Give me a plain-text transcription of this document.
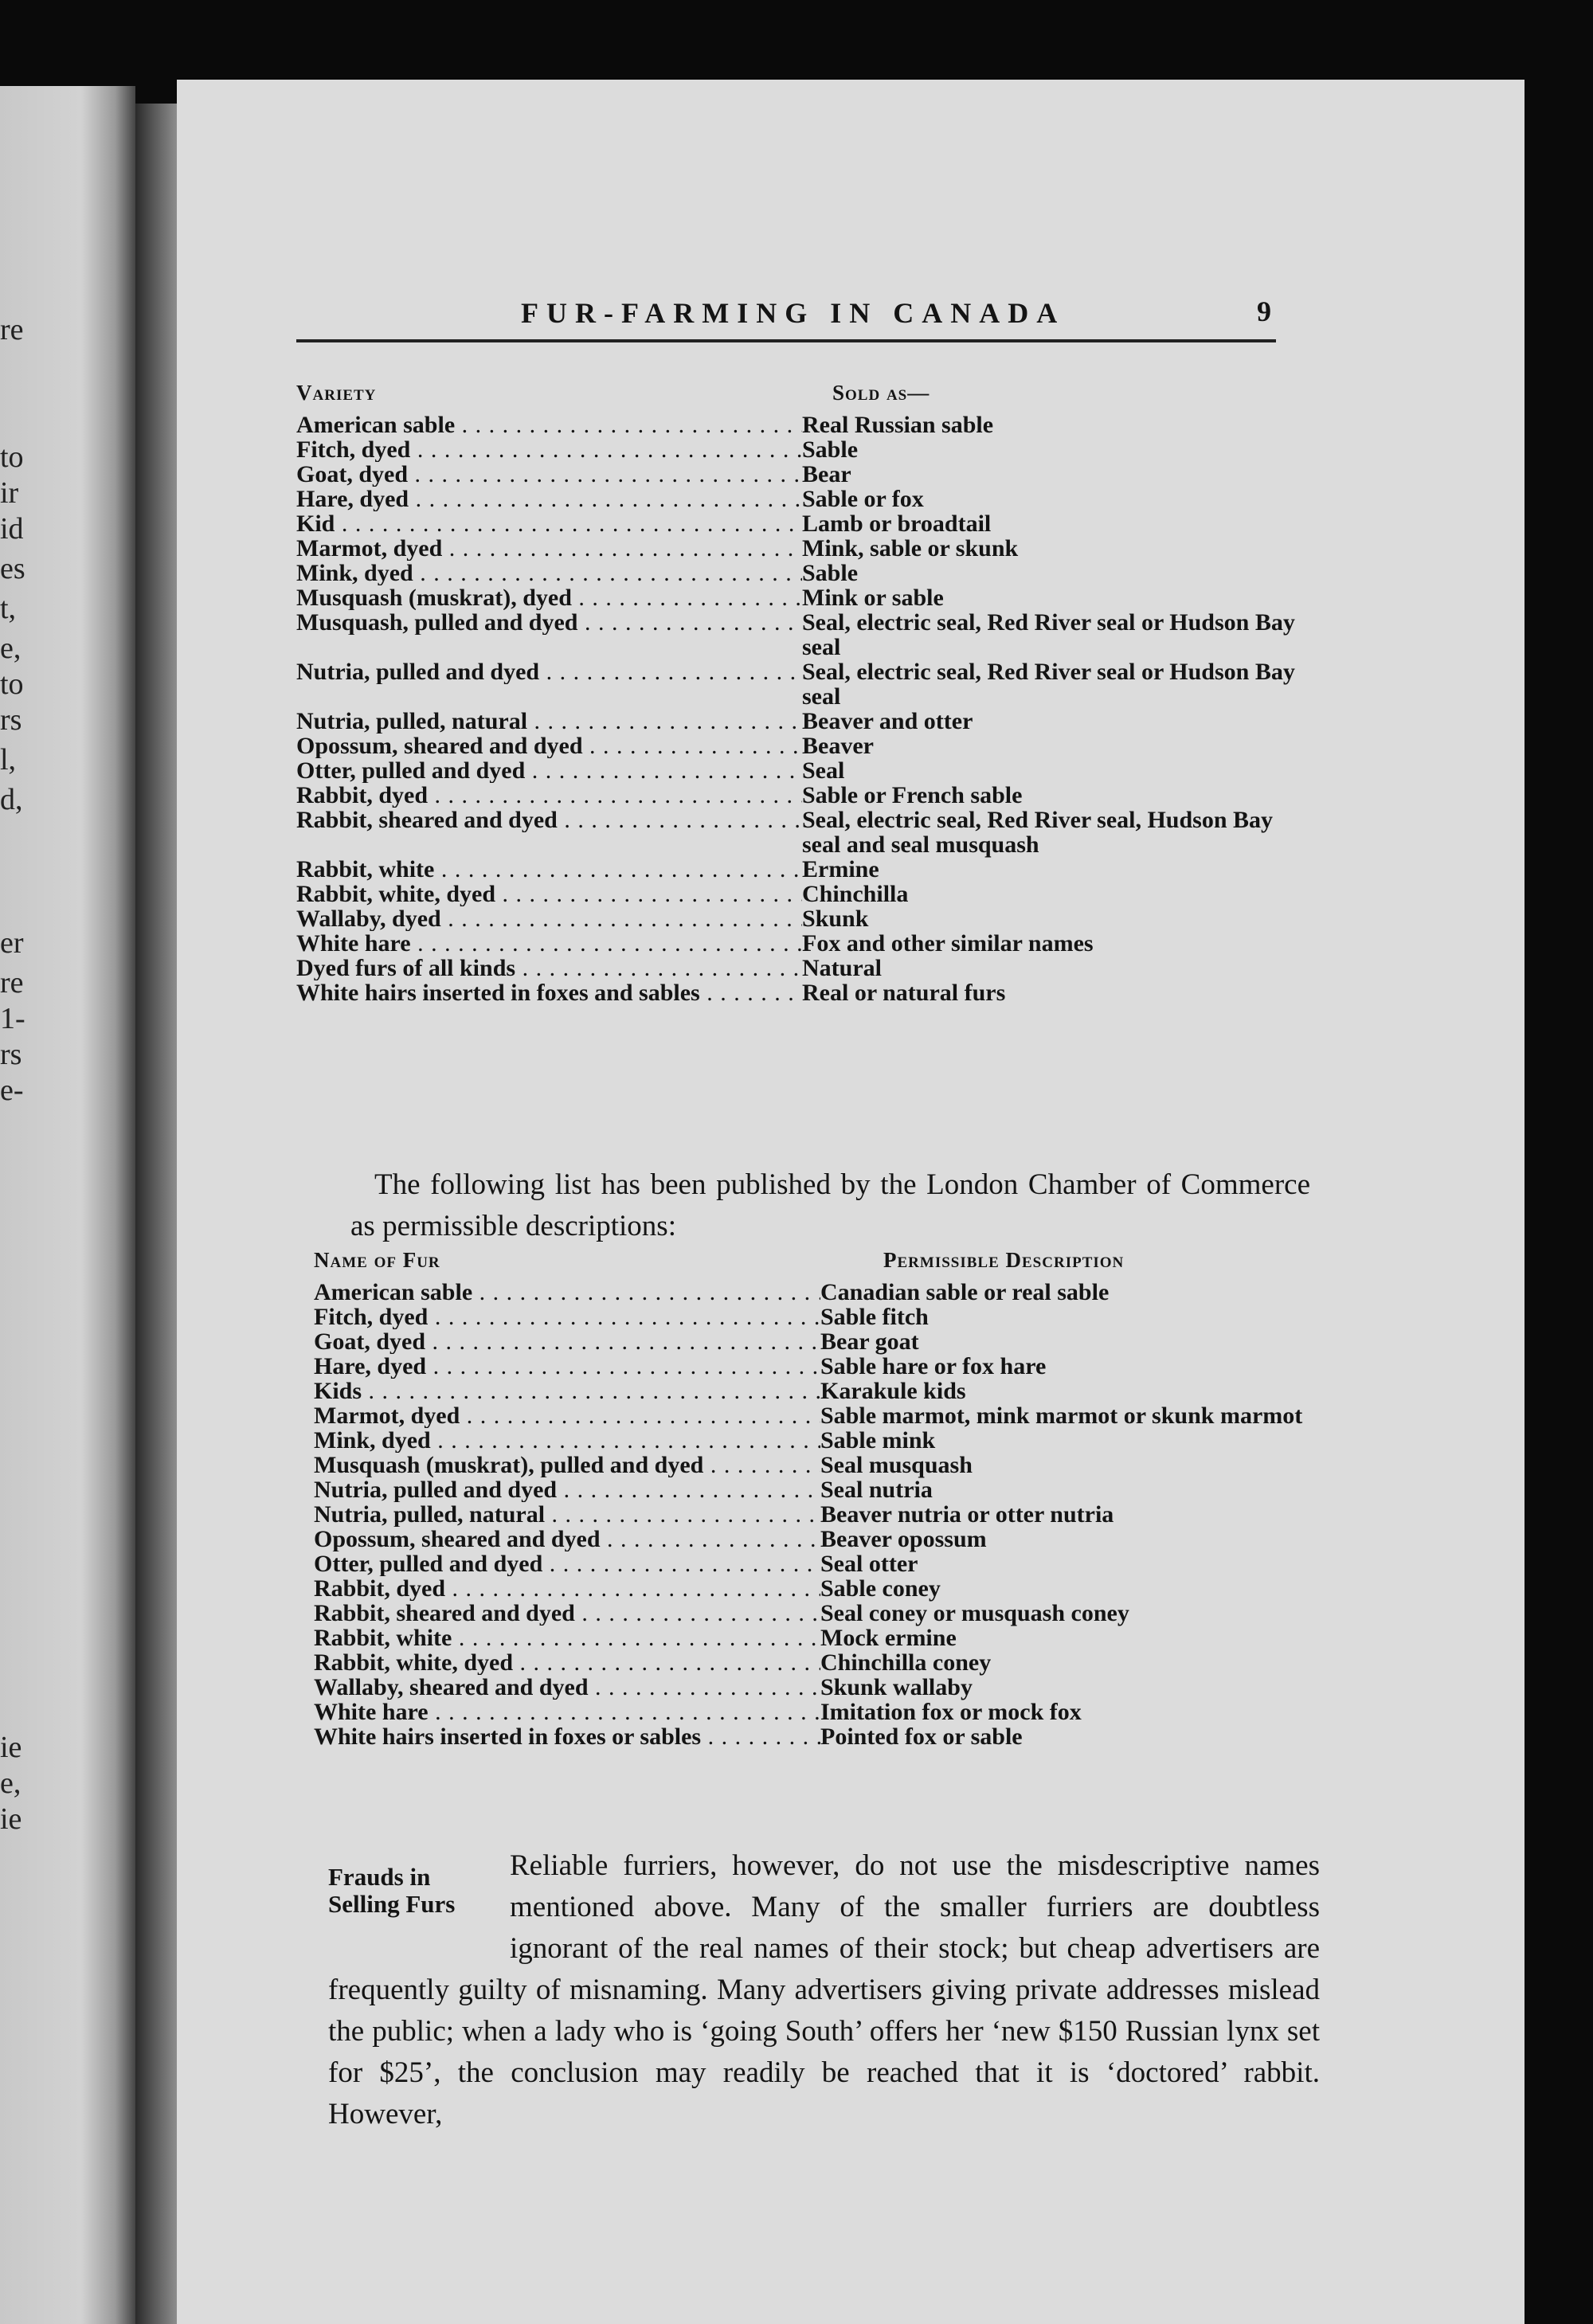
re
to
ir
id
es
t,
e,
to
rs
l,
d,
er
re
1-
rs
e-
ie
e,
ie
FUR-FARMING IN CANADA	9
Variety	Sold as—
American sable . . .	Real Russian sable
Fitch, dyed . . .	Sable
Goat, dyed . . .	Bear
Hare, dyed . . .	Sable or fox
Kid . . .	Lamb or broadtail
Marmot, dyed . . .	Mink, sable or skunk
Mink, dyed . . .	Sable
Musquash (muskrat), dyed . . .	Mink or sable
Musquash, pulled and dyed . . .	Seal, electric seal, Red River seal or Hudson Bay seal
Nutria, pulled and dyed . . .	Seal, electric seal, Red River seal or Hudson Bay seal
Nutria, pulled, natural . . .	Beaver and otter
Opossum, sheared and dyed . . .	Beaver
Otter, pulled and dyed . . .	Seal
Rabbit, dyed . . .	Sable or French sable
Rabbit, sheared and dyed . . .	Seal, electric seal, Red River seal, Hudson Bay seal and seal musquash
Rabbit, white . . .	Ermine
Rabbit, white, dyed . . .	Chinchilla
Wallaby, dyed . . .	Skunk
White hare . . .	Fox and other similar names
Dyed furs of all kinds . . .	Natural
White hairs inserted in foxes and sables . . .	Real or natural furs

The following list has been published by the London Chamber of Commerce as permissible descriptions:

Name of Fur	Permissible Description
American sable . . .	Canadian sable or real sable
Fitch, dyed . . .	Sable fitch
Goat, dyed . . .	Bear goat
Hare, dyed . . .	Sable hare or fox hare
Kids . . .	Karakule kids
Marmot, dyed . . .	Sable marmot, mink marmot or skunk marmot
Mink, dyed . . .	Sable mink
Musquash (muskrat), pulled and dyed . . .	Seal musquash
Nutria, pulled and dyed . . .	Seal nutria
Nutria, pulled, natural . . .	Beaver nutria or otter nutria
Opossum, sheared and dyed . . .	Beaver opossum
Otter, pulled and dyed . . .	Seal otter
Rabbit, dyed . . .	Sable coney
Rabbit, sheared and dyed . . .	Seal coney or musquash coney
Rabbit, white . . .	Mock ermine
Rabbit, white, dyed . . .	Chinchilla coney
Wallaby, sheared and dyed . . .	Skunk wallaby
White hare . . .	Imitation fox or mock fox
White hairs inserted in foxes or sables . . .	Pointed fox or sable
Frauds in
Selling Furs

Reliable furriers, however, do not use the misdescriptive names mentioned above. Many of the smaller furriers are doubtless ignorant of the real names of their stock; but cheap advertisers are frequently guilty of misnaming. Many advertisers giving private addresses mislead the public; when a lady who is ‘going South’ offers her ‘new $150 Russian lynx set for $25’, the conclusion may readily be reached that it is ‘doctored’ rabbit. However,
